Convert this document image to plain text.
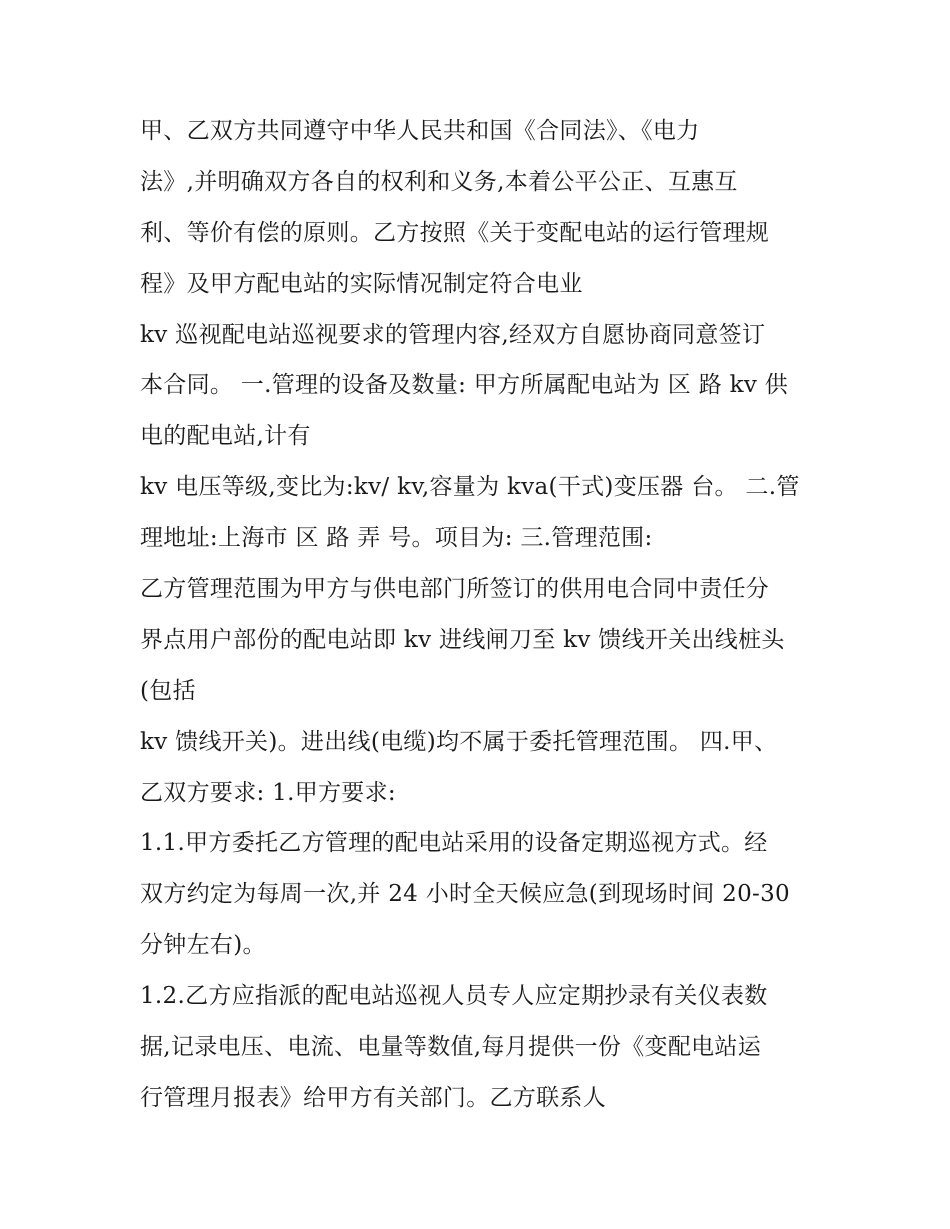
甲、乙双方共同遵守中华人民共和国《合同法》、《电力
法》,并明确双方各自的权利和义务,本着公平公正、互惠互
利、等价有偿的原则。乙方按照《关于变配电站的运行管理规
程》及甲方配电站的实际情况制定符合电业
kv 巡视配电站巡视要求的管理内容,经双方自愿协商同意签订
本合同。 一.管理的设备及数量: 甲方所属配电站为 区 路 kv 供
电的配电站,计有
kv 电压等级,变比为:kv/ kv,容量为 kva(干式)变压器 台。 二.管
理地址:上海市 区 路 弄 号。项目为: 三.管理范围:
乙方管理范围为甲方与供电部门所签订的供用电合同中责任分
界点用户部份的配电站即 kv 进线闸刀至 kv 馈线开关出线桩头
(包括
kv 馈线开关)。进出线(电缆)均不属于委托管理范围。 四.甲、
乙双方要求: 1.甲方要求:
1.1.甲方委托乙方管理的配电站采用的设备定期巡视方式。经
双方约定为每周一次,并 24 小时全天候应急(到现场时间 20-30
分钟左右)。
1.2.乙方应指派的配电站巡视人员专人应定期抄录有关仪表数
据,记录电压、电流、电量等数值,每月提供一份《变配电站运
行管理月报表》给甲方有关部门。乙方联系人
